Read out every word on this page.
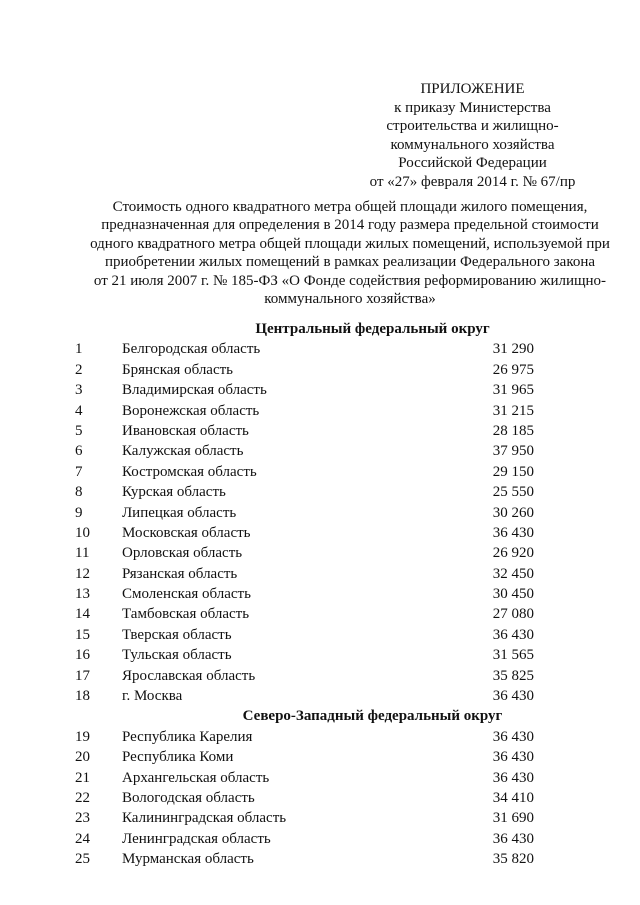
ПРИЛОЖЕНИЕ
к приказу Министерства
строительства и жилищно-
коммунального хозяйства
Российской Федерации
от «27» февраля 2014 г. № 67/пр
Стоимость одного квадратного метра общей площади жилого помещения,
предназначенная для определения в 2014 году размера предельной стоимости
одного квадратного метра общей площади жилых помещений, используемой при
приобретении жилых помещений в рамках реализации Федерального закона
от 21 июля 2007 г. № 185-ФЗ «О Фонде содействия реформированию жилищно-
коммунального хозяйства»
Центральный федеральный округ
1	Белгородская область	31 290
2	Брянская область	26 975
3	Владимирская область	31 965
4	Воронежская область	31 215
5	Ивановская область	28 185
6	Калужская область	37 950
7	Костромская область	29 150
8	Курская область	25 550
9	Липецкая область	30 260
10	Московская область	36 430
11	Орловская область	26 920
12	Рязанская область	32 450
13	Смоленская область	30 450
14	Тамбовская область	27 080
15	Тверская область	36 430
16	Тульская область	31 565
17	Ярославская область	35 825
18	г. Москва	36 430
Северо-Западный федеральный округ
19	Республика Карелия	36 430
20	Республика Коми	36 430
21	Архангельская область	36 430
22	Вологодская область	34 410
23	Калининградская область	31 690
24	Ленинградская область	36 430
25	Мурманская область	35 820
